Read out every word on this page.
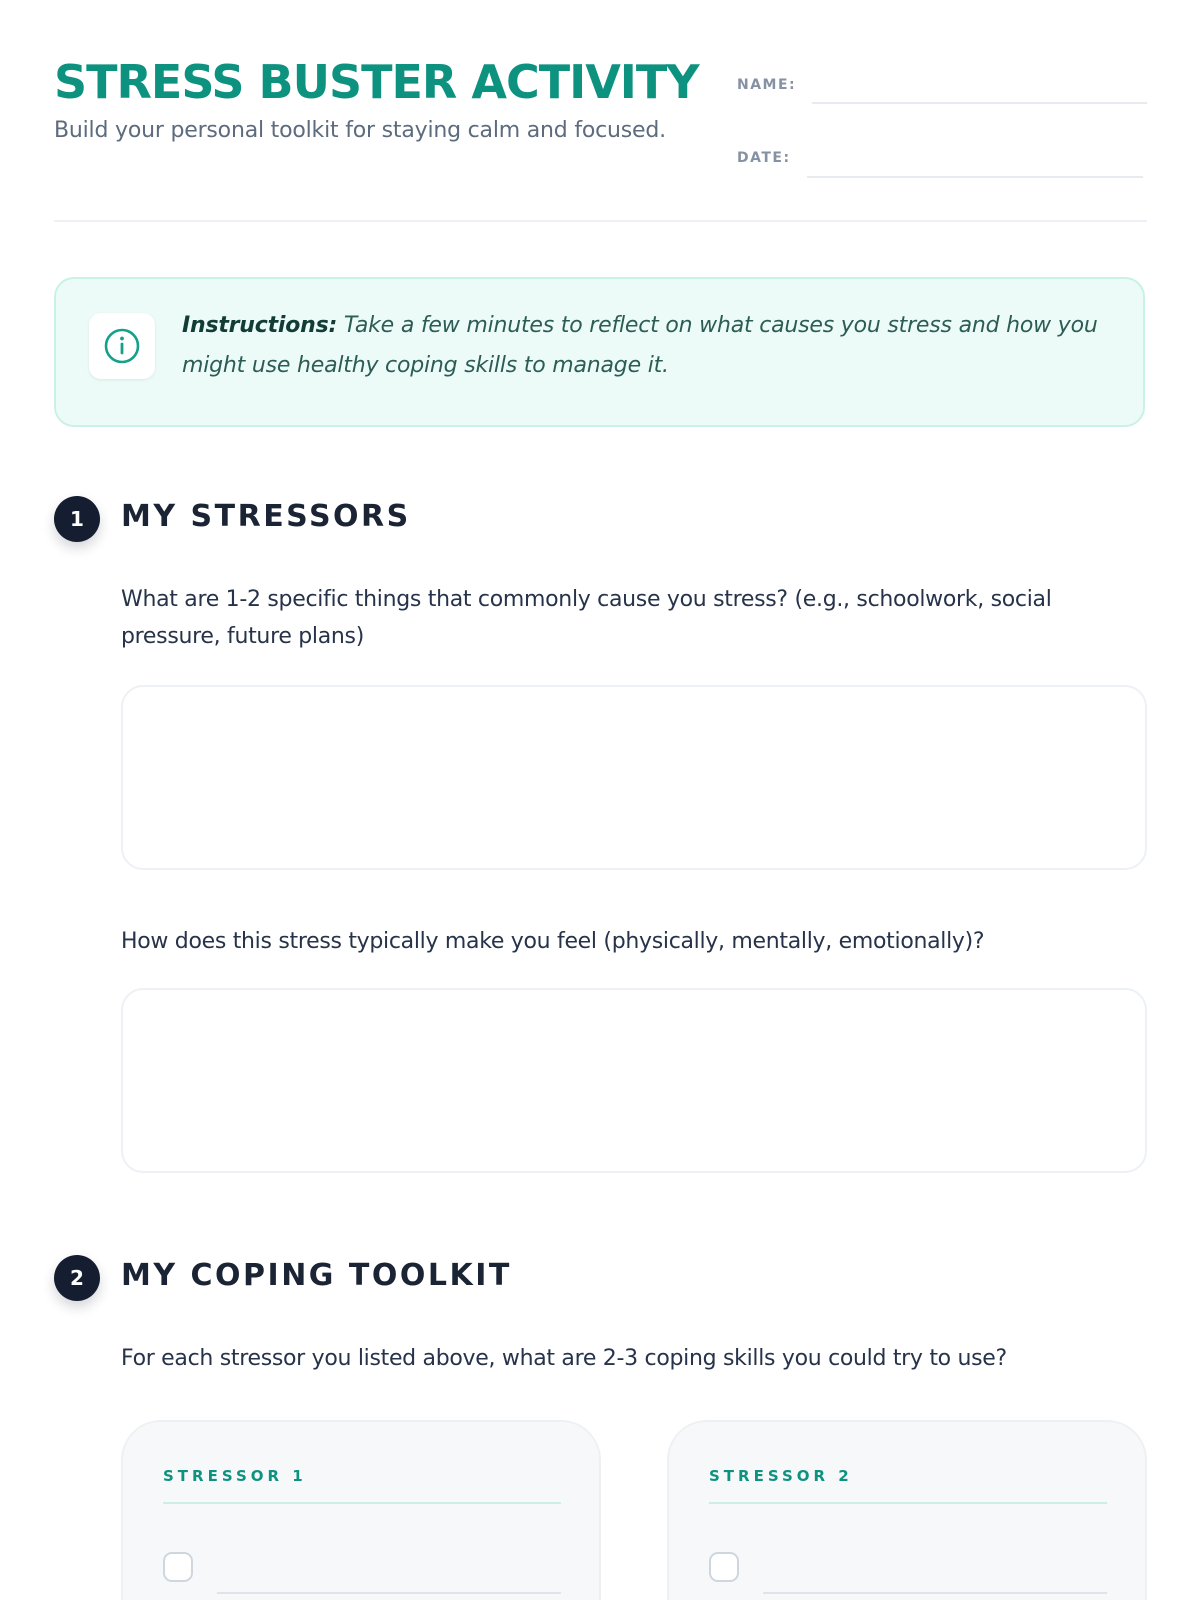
STRESS BUSTER ACTIVITY

Build your personal toolkit for staying calm and focused.

NAME:
DATE:

Instructions: Take a few minutes to reflect on what causes you stress and how you might use healthy coping skills to manage it.

1	MY STRESSORS

What are 1-2 specific things that commonly cause you stress? (e.g., schoolwork, social pressure, future plans)

How does this stress typically make you feel (physically, mentally, emotionally)?

2	MY COPING TOOLKIT

For each stressor you listed above, what are 2-3 coping skills you could try to use?

STRESSOR 1	STRESSOR 2
